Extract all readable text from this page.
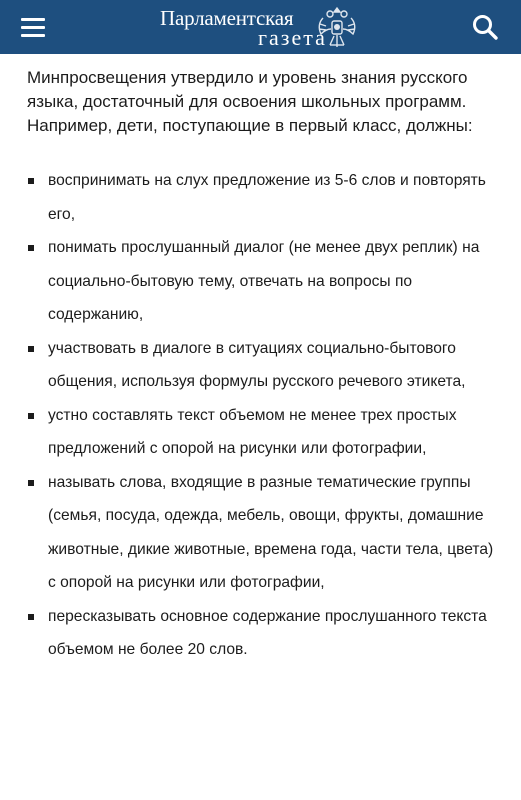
Парламентская
газета

Минпросвещения утвердило и уровень знания русского языка, достаточный для освоения школьных программ. Например, дети, поступающие в первый класс, должны:

воспринимать на слух предложение из 5-6 слов и повторять его,
понимать прослушанный диалог (не менее двух реплик) на социально-бытовую тему, отвечать на вопросы по содержанию,
участвовать в диалоге в ситуациях социально-бытового общения, используя формулы русского речевого этикета,
устно составлять текст объемом не менее трех простых предложений с опорой на рисунки или фотографии,
называть слова, входящие в разные тематические группы (семья, посуда, одежда, мебель, овощи, фрукты, домашние животные, дикие животные, времена года, части тела, цвета) с опорой на рисунки или фотографии,
пересказывать основное содержание прослушанного текста объемом не более 20 слов.
